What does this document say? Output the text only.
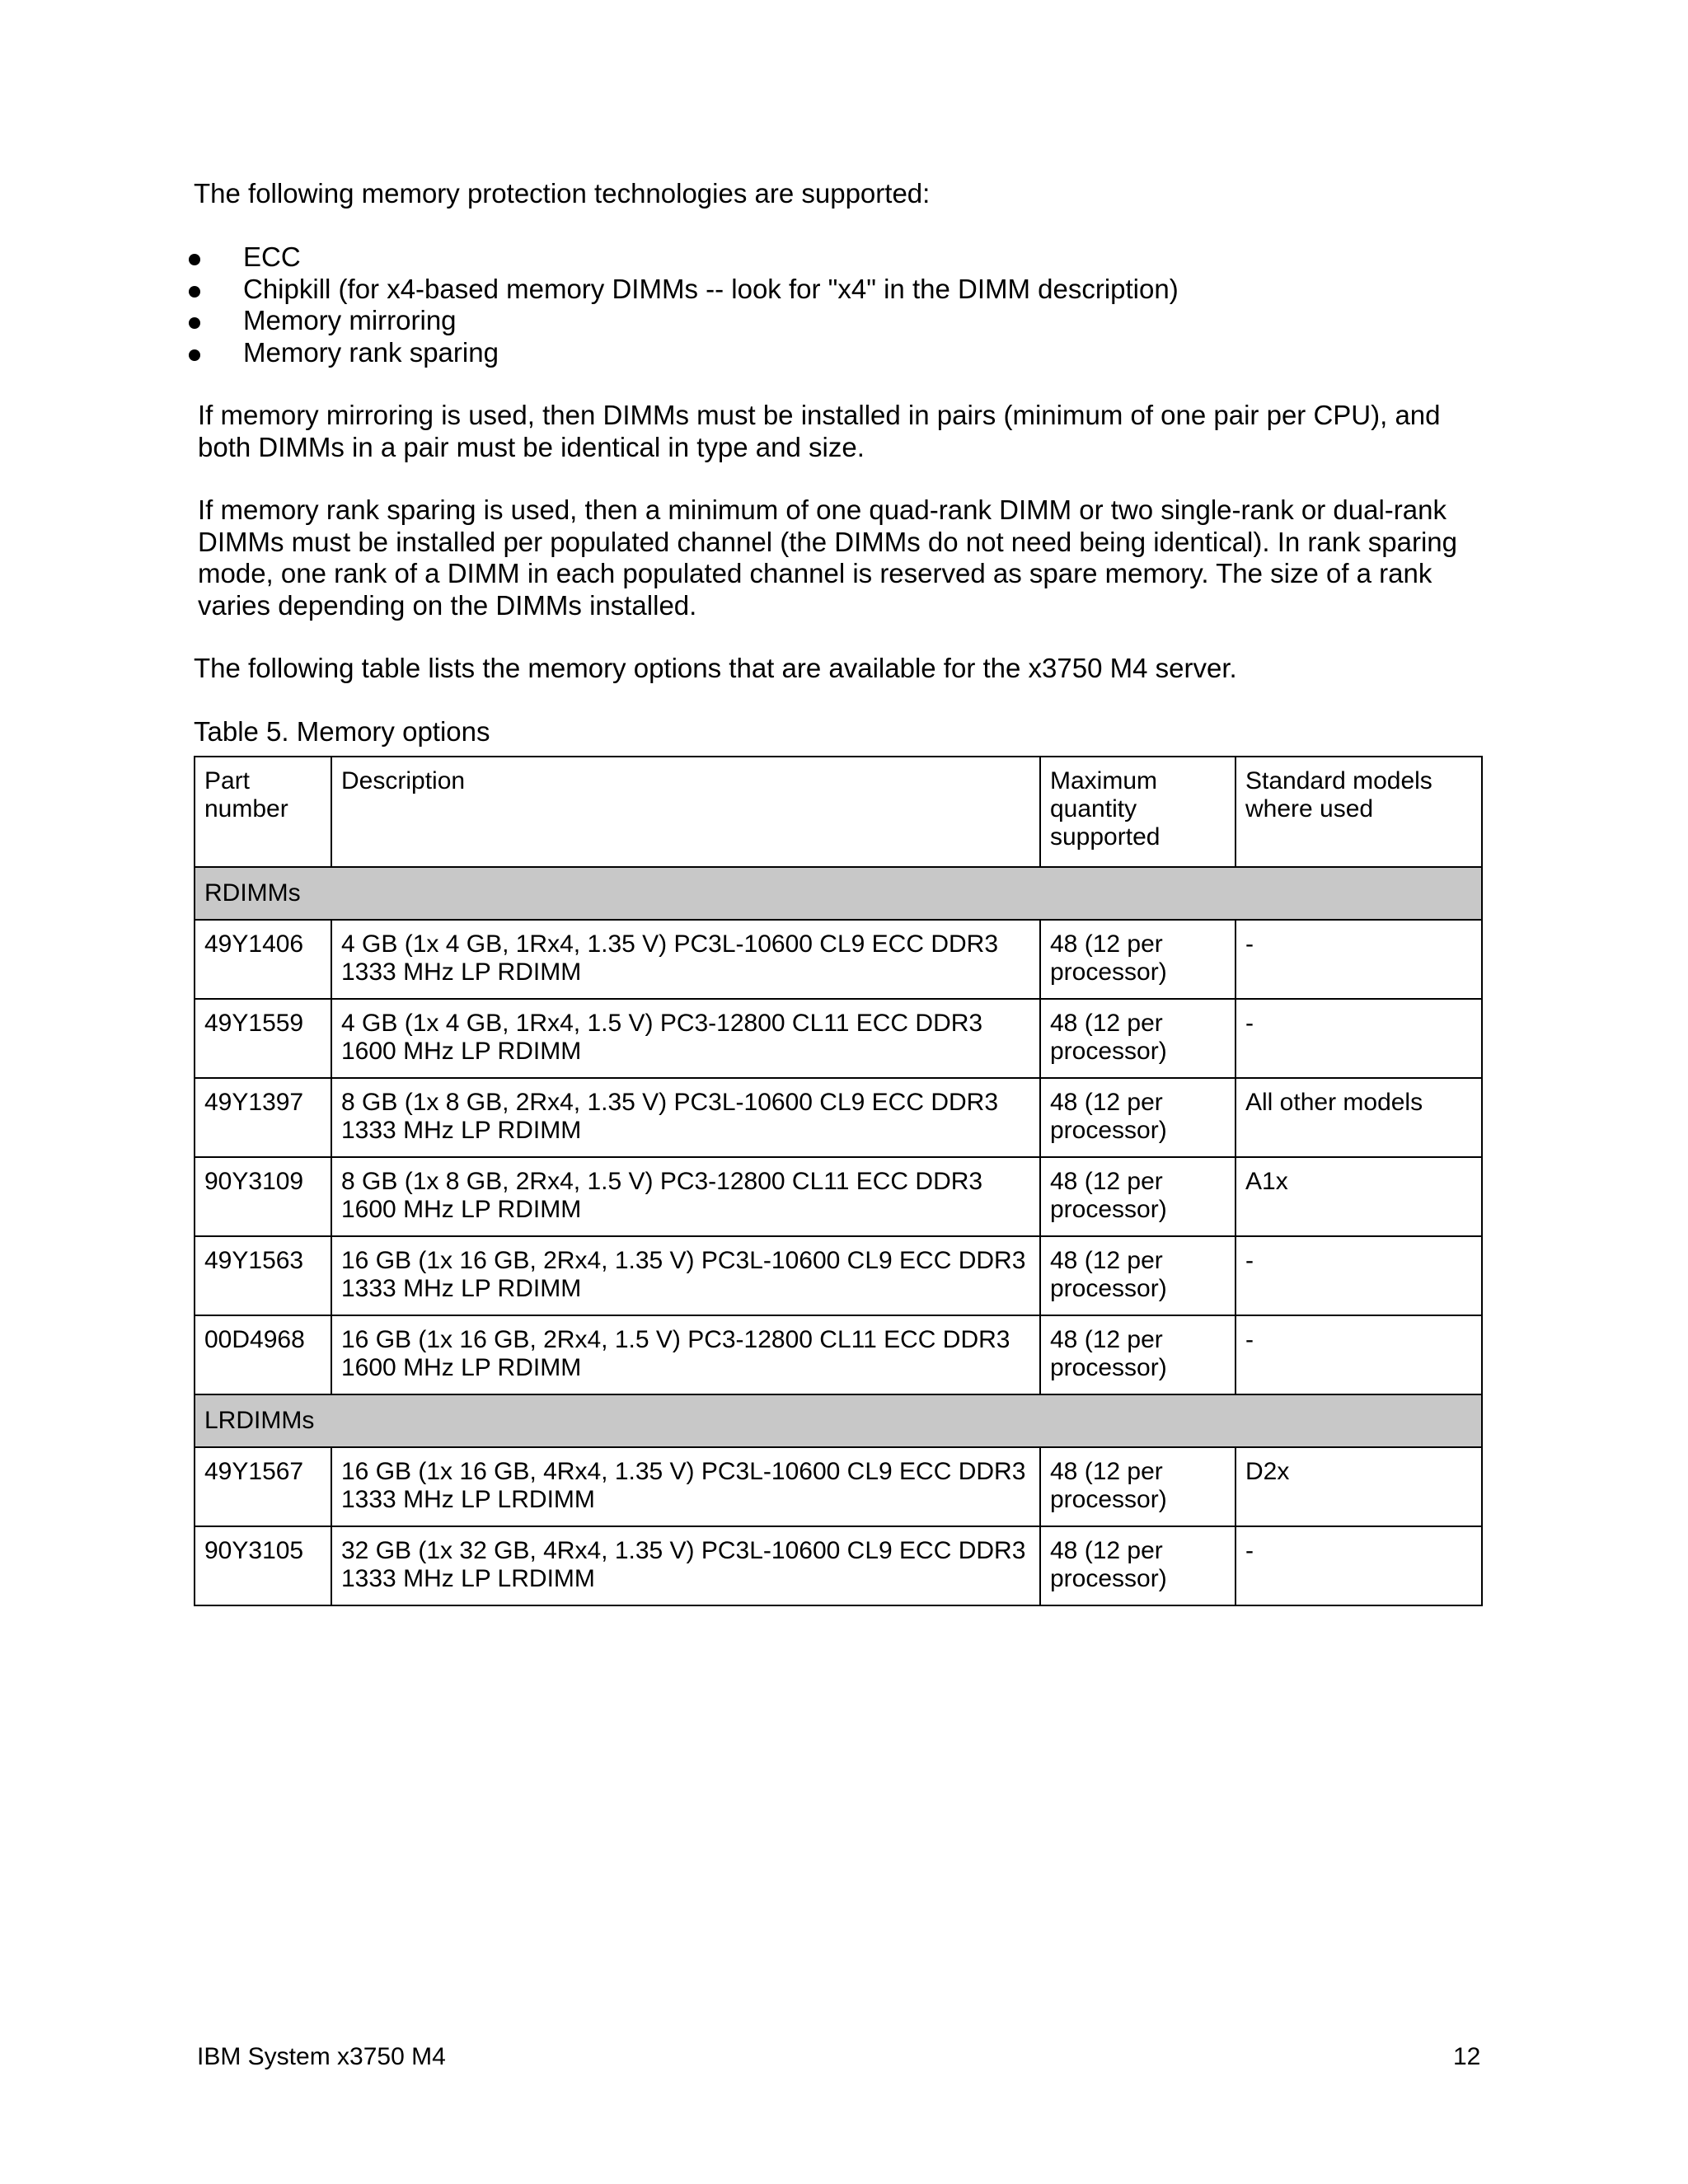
The following memory protection technologies are supported:

ECC
Chipkill (for x4-based memory DIMMs -- look for "x4" in the DIMM description)
Memory mirroring
Memory rank sparing

If memory mirroring is used, then DIMMs must be installed in pairs (minimum of one pair per CPU), and both DIMMs in a pair must be identical in type and size.

If memory rank sparing is used, then a minimum of one quad-rank DIMM or two single-rank or dual-rank DIMMs must be installed per populated channel (the DIMMs do not need being identical). In rank sparing mode, one rank of a DIMM in each populated channel is reserved as spare memory. The size of a rank varies depending on the DIMMs installed.

The following table lists the memory options that are available for the x3750 M4 server.

Table 5. Memory options

Part number	Description	Maximum quantity supported	Standard models where used
RDIMMs			
49Y1406	4 GB (1x 4 GB, 1Rx4, 1.35 V) PC3L-10600 CL9 ECC DDR3 1333 MHz LP RDIMM	48 (12 per processor)	-
49Y1559	4 GB (1x 4 GB, 1Rx4, 1.5 V) PC3-12800 CL11 ECC DDR3 1600 MHz LP RDIMM	48 (12 per processor)	-
49Y1397	8 GB (1x 8 GB, 2Rx4, 1.35 V) PC3L-10600 CL9 ECC DDR3 1333 MHz LP RDIMM	48 (12 per processor)	All other models
90Y3109	8 GB (1x 8 GB, 2Rx4, 1.5 V) PC3-12800 CL11 ECC DDR3 1600 MHz LP RDIMM	48 (12 per processor)	A1x
49Y1563	16 GB (1x 16 GB, 2Rx4, 1.35 V) PC3L-10600 CL9 ECC DDR3 1333 MHz LP RDIMM	48 (12 per processor)	-
00D4968	16 GB (1x 16 GB, 2Rx4, 1.5 V) PC3-12800 CL11 ECC DDR3 1600 MHz LP RDIMM	48 (12 per processor)	-
LRDIMMs			
49Y1567	16 GB (1x 16 GB, 4Rx4, 1.35 V) PC3L-10600 CL9 ECC DDR3 1333 MHz LP LRDIMM	48 (12 per processor)	D2x
90Y3105	32 GB (1x 32 GB, 4Rx4, 1.35 V) PC3L-10600 CL9 ECC DDR3 1333 MHz LP LRDIMM	48 (12 per processor)	-
IBM System x3750 M4	12
